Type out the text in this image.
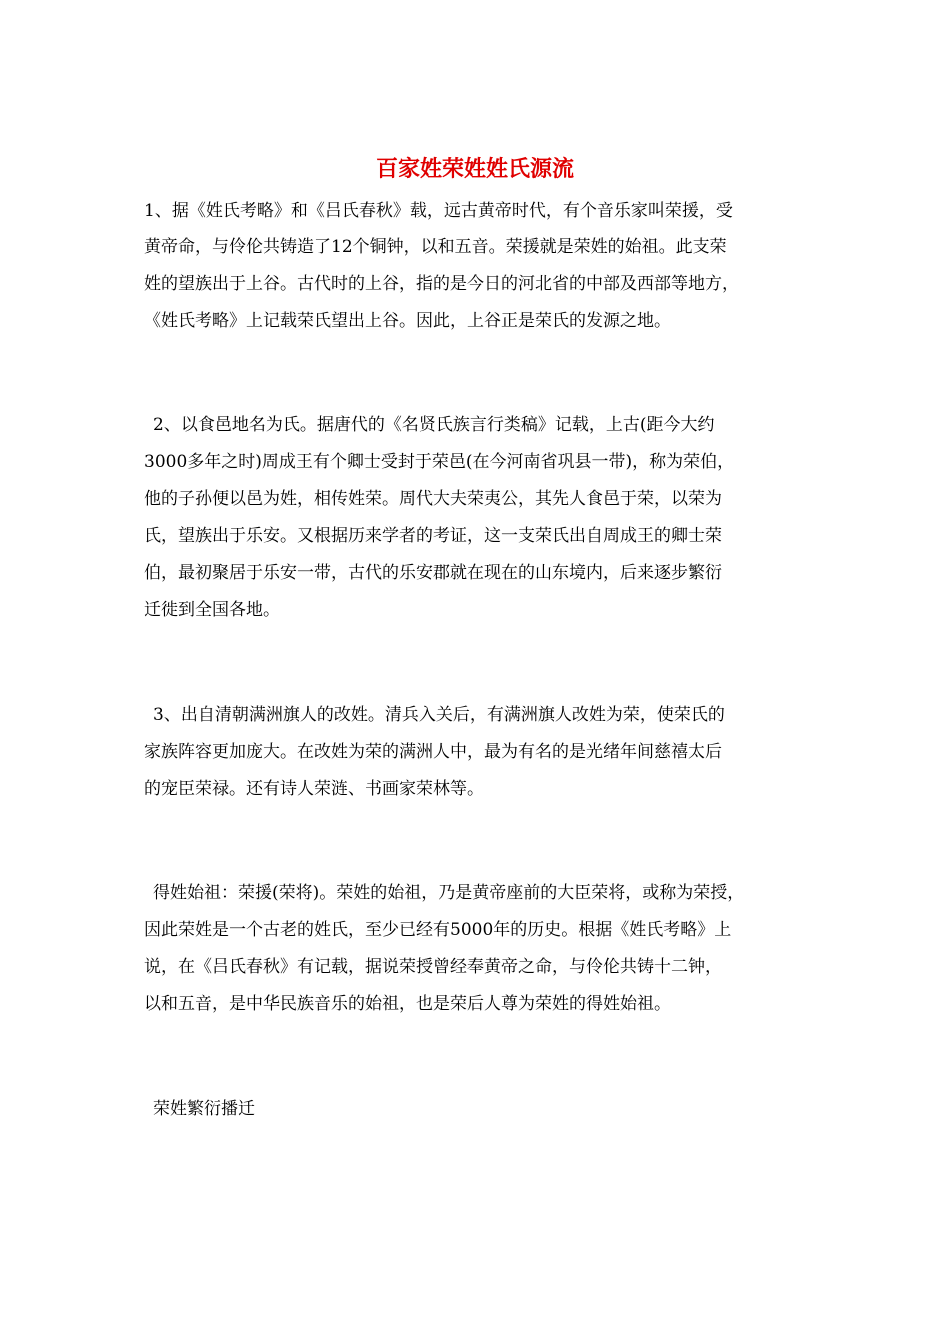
百家姓荣姓姓氏源流

1、据《姓氏考略》和《吕氏春秋》载，远古黄帝时代，有个音乐家叫荣援，受

黄帝命，与伶伦共铸造了12个铜钟，以和五音。荣援就是荣姓的始祖。此支荣

姓的望族出于上谷。古代时的上谷，指的是今日的河北省的中部及西部等地方，

《姓氏考略》上记载荣氏望出上谷。因此，上谷正是荣氏的发源之地。

2、以食邑地名为氏。据唐代的《名贤氏族言行类稿》记载，上古(距今大约

3000多年之时)周成王有个卿士受封于荣邑(在今河南省巩县一带)，称为荣伯，

他的子孙便以邑为姓，相传姓荣。周代大夫荣夷公，其先人食邑于荣，以荣为

氏，望族出于乐安。又根据历来学者的考证，这一支荣氏出自周成王的卿士荣

伯，最初聚居于乐安一带，古代的乐安郡就在现在的山东境内，后来逐步繁衍

迁徙到全国各地。

3、出自清朝满洲旗人的改姓。清兵入关后，有满洲旗人改姓为荣，使荣氏的

家族阵容更加庞大。在改姓为荣的满洲人中，最为有名的是光绪年间慈禧太后

的宠臣荣禄。还有诗人荣涟、书画家荣林等。

得姓始祖：荣援(荣将)。荣姓的始祖，乃是黄帝座前的大臣荣将，或称为荣授，

因此荣姓是一个古老的姓氏，至少已经有5000年的历史。根据《姓氏考略》上

说，在《吕氏春秋》有记载，据说荣授曾经奉黄帝之命，与伶伦共铸十二钟，

以和五音，是中华民族音乐的始祖，也是荣后人尊为荣姓的得姓始祖。

荣姓繁衍播迁
